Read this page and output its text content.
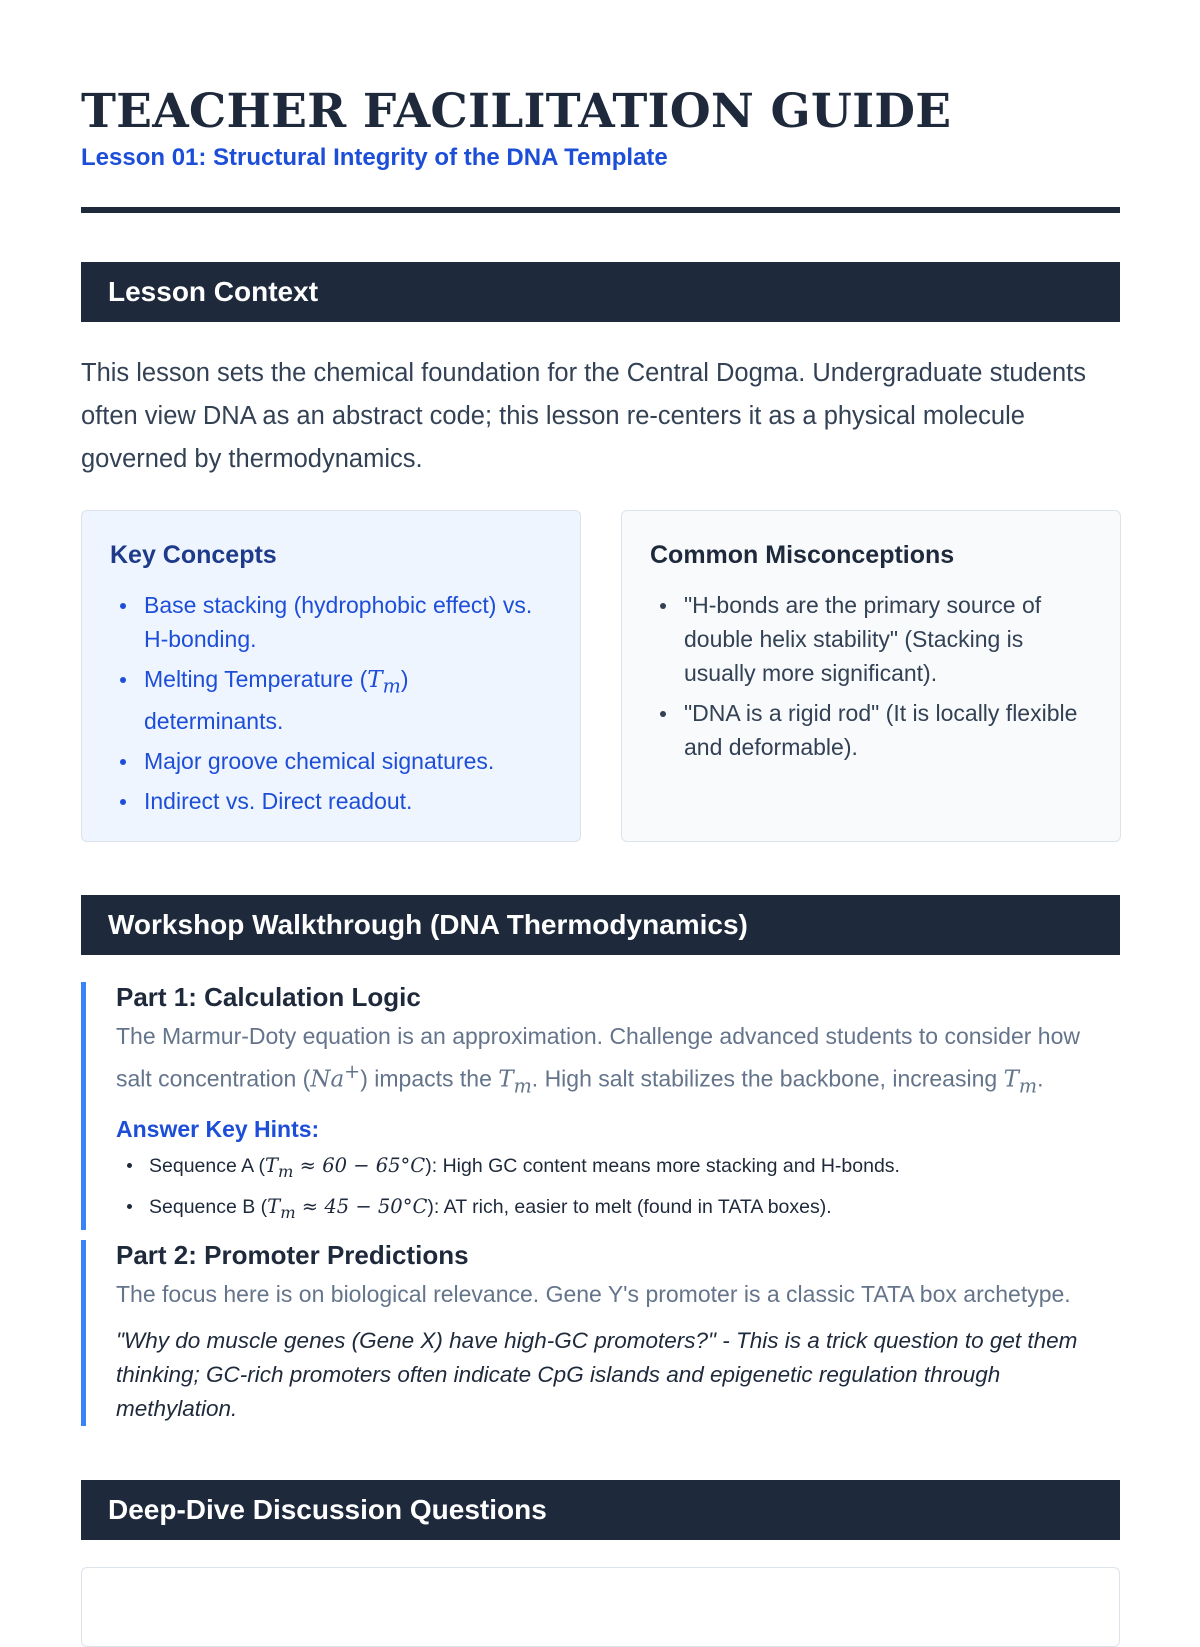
TEACHER FACILITATION GUIDE
Lesson 01: Structural Integrity of the DNA Template
Lesson Context

This lesson sets the chemical foundation for the Central Dogma. Undergraduate students often view DNA as an abstract code; this lesson re-centers it as a physical molecule governed by thermodynamics.

Key Concepts
Base stacking (hydrophobic effect) vs. H-bonding.
Melting Temperature $(T_m)$ determinants.
Major groove chemical signatures.
Indirect vs. Direct readout.
Common Misconceptions
"H-bonds are the primary source of double helix stability" (Stacking is usually more significant).
"DNA is a rigid rod" (It is locally flexible and deformable).
Workshop Walkthrough (DNA Thermodynamics)
Part 1: Calculation Logic

The Marmur-Doty equation is an approximation. Challenge advanced students to consider how salt concentration (Na+) impacts the $T_m$. High salt stabilizes the backbone, increasing $T_m$.

Answer Key Hints:
Sequence A $(T_m \approx 60 - 65^\circ C)$: High GC content means more stacking and H-bonds.
Sequence B $(T_m \approx 45 - 50^\circ C)$: AT rich, easier to melt (found in TATA boxes).
Part 2: Promoter Predictions

The focus here is on biological relevance. Gene Y's promoter is a classic TATA box archetype.

"Why do muscle genes (Gene X) have high-GC promoters?" - This is a trick question to get them thinking; GC-rich promoters often indicate CpG islands and epigenetic regulation through methylation.

Deep-Dive Discussion Questions
